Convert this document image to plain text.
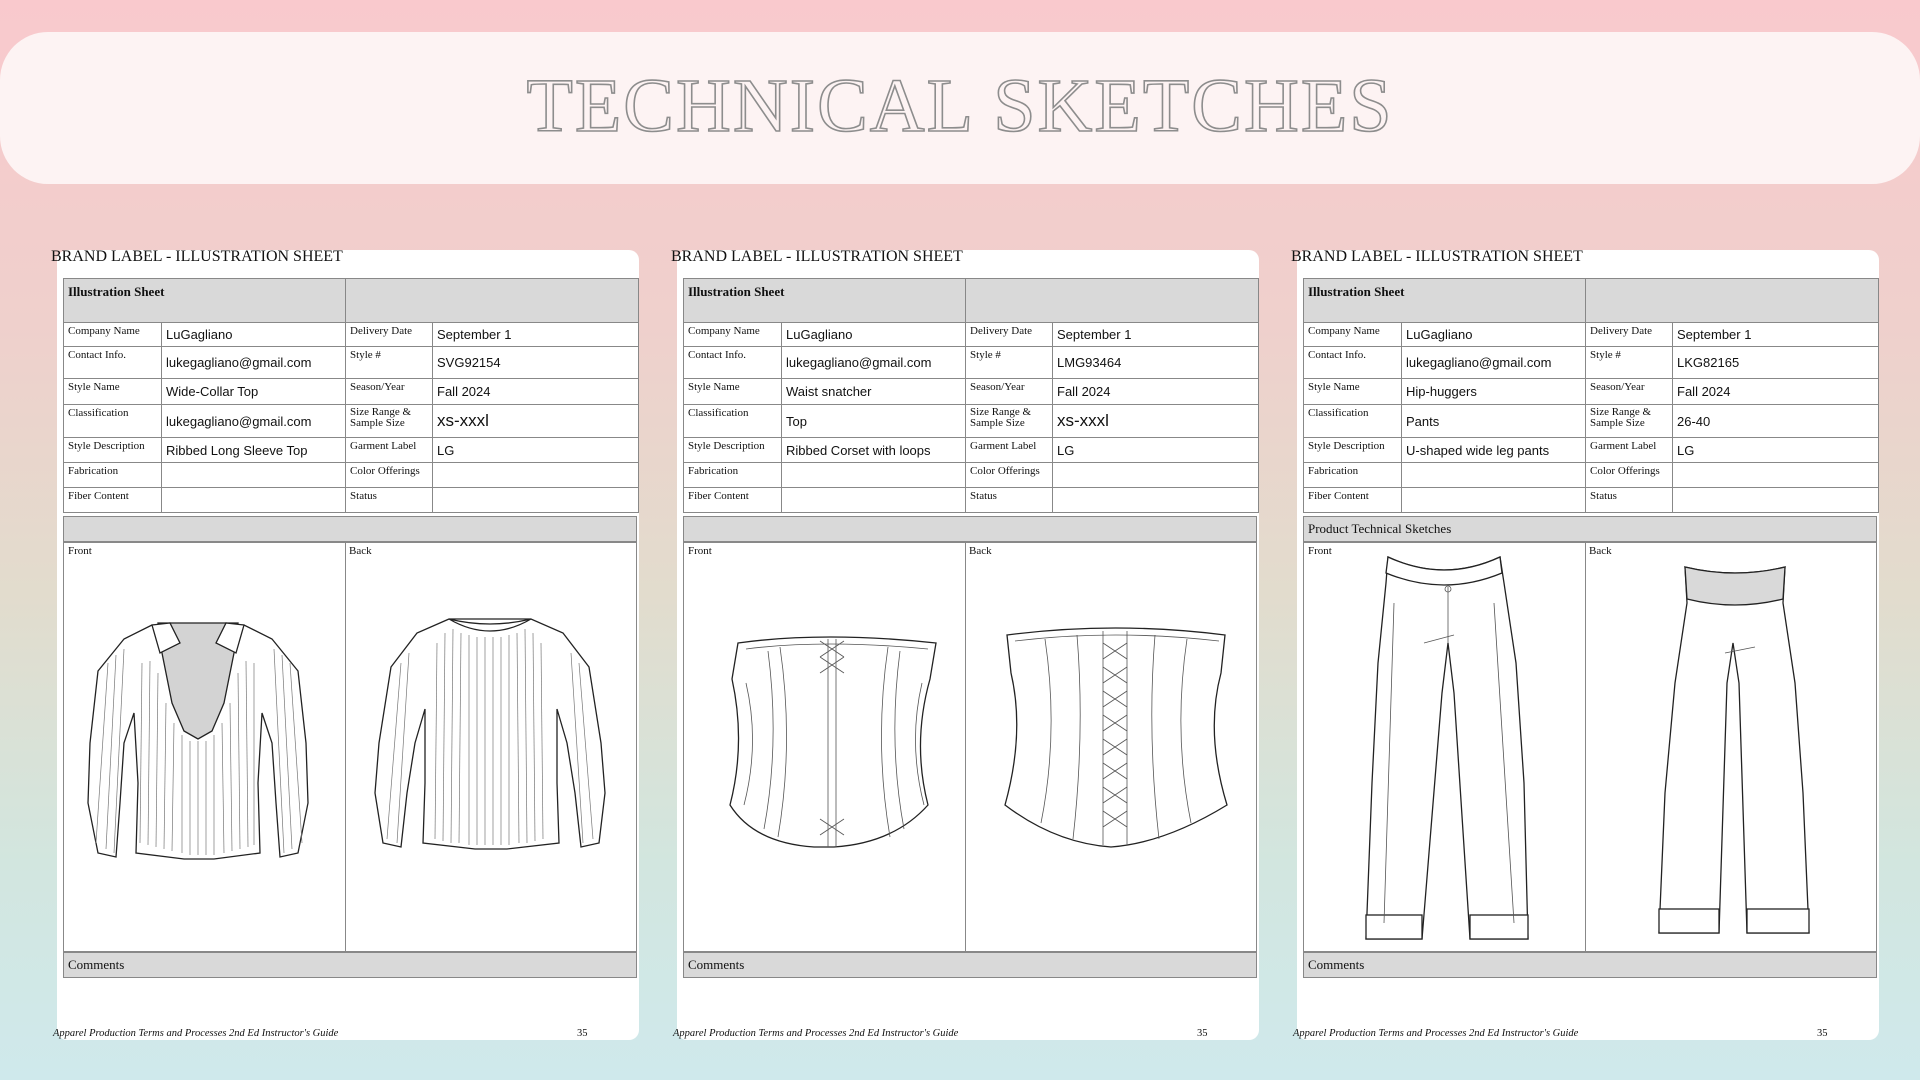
TECHNICAL SKETCHES
BRAND LABEL - ILLUSTRATION SHEET
Illustration Sheet			
Company Name	LuGagliano	Delivery Date	September 1
Contact Info.	lukegagliano@gmail.com	Style #	SVG92154
Style Name	Wide-Collar Top	Season/Year	Fall 2024
Classification	lukegagliano@gmail.com	Size Range & Sample Size	xs-xxxl
Style Description	Ribbed Long Sleeve Top	Garment Label	LG
Fabrication		Color Offerings	
Fiber Content		Status	
Front	Back
Comments
Apparel Production Terms and Processes 2nd Ed Instructor's Guide	35
BRAND LABEL - ILLUSTRATION SHEET
Illustration Sheet			
Company Name	LuGagliano	Delivery Date	September 1
Contact Info.	lukegagliano@gmail.com	Style #	LMG93464
Style Name	Waist snatcher	Season/Year	Fall 2024
Classification	Top	Size Range & Sample Size	xs-xxxl
Style Description	Ribbed Corset with loops	Garment Label	LG
Fabrication		Color Offerings	
Fiber Content		Status	
Front	Back
Comments
Apparel Production Terms and Processes 2nd Ed Instructor's Guide	35
BRAND LABEL - ILLUSTRATION SHEET
Illustration Sheet			
Company Name	LuGagliano	Delivery Date	September 1
Contact Info.	lukegagliano@gmail.com	Style #	LKG82165
Style Name	Hip-huggers	Season/Year	Fall 2024
Classification	Pants	Size Range & Sample Size	26-40
Style Description	U-shaped wide leg pants	Garment Label	LG
Fabrication		Color Offerings	
Fiber Content		Status	
Product Technical Sketches
Front	Back
Comments
Apparel Production Terms and Processes 2nd Ed Instructor's Guide	35
